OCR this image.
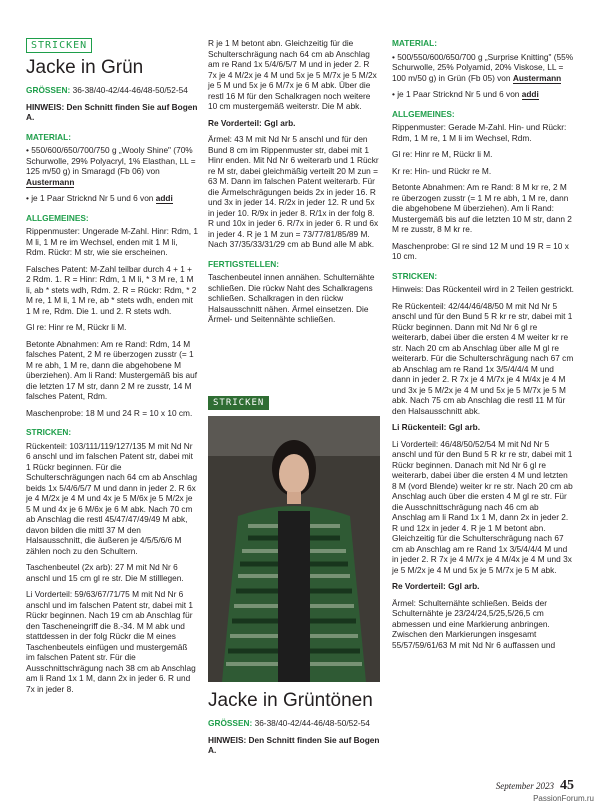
STRICKEN
Jacke in Grün

GRÖSSEN: 36-38/40-42/44-46/48-50/52-54

HINWEIS: Den Schnitt finden Sie auf Bogen A.

MATERIAL:

• 550/600/650/700/750 g „Wooly Shine" (70% Schurwolle, 29% Polyacryl, 1% Elasthan, LL = 125 m/50 g) in Smaragd (Fb 06) von Austermann

• je 1 Paar Stricknd Nr 5 und 6 von addi

ALLGEMEINES:

Rippenmuster: Ungerade M-Zahl. Hinr: Rdm, 1 M li, 1 M re im Wechsel, enden mit 1 M li, Rdm. Rückr: M str, wie sie erscheinen.

Falsches Patent: M-Zahl teilbar durch 4 + 1 + 2 Rdm. 1. R = Hinr: Rdm, 1 M li, * 3 M re, 1 M li, ab * stets wdh, Rdm. 2. R = Rückr: Rdm, * 2 M re, 1 M li, 1 M re, ab * stets wdh, enden mit 1 M re, Rdm. Die 1. und 2. R stets wdh.

Gl re: Hinr re M, Rückr li M.

Betonte Abnahmen: Am re Rand: Rdm, 14 M falsches Patent, 2 M re überzogen zusstr (= 1 M re abh, 1 M re, dann die abgehobene M überziehen). Am li Rand: Mustergemäß bis auf die letzten 17 M str, dann 2 M re zusstr, 14 M falsches Patent, Rdm.

Maschenprobe: 18 M und 24 R = 10 x 10 cm.

STRICKEN:

Rückenteil: 103/111/119/127/135 M mit Nd Nr 6 anschl und im falschen Patent str, dabei mit 1 Rückr beginnen. Für die Schulterschrägungen nach 64 cm ab Anschlag beids 1x 5/4/6/5/7 M und dann in jeder 2. R 6x je 4 M/2x je 4 M und 4x je 5 M/6x je 5 M/2x je 5 M und 4x je 6 M/6x je 6 M abk. Nach 70 cm ab Anschlag die restl 45/47/47/49/49 M abk, davon bilden die mittl 37 M den Halsausschnitt, die äußeren je 4/5/5/6/6 M zählen noch zu den Schultern.

Taschenbeutel (2x arb): 27 M mit Nd Nr 6 anschl und 15 cm gl re str. Die M stilllegen.

Li Vorderteil: 59/63/67/71/75 M mit Nd Nr 6 anschl und im falschen Patent str, dabei mit 1 Rückr beginnen. Nach 19 cm ab Anschlag für den Tascheneingriff die 8.-34. M M abk und stattdessen in der folg Rückr die M eines Taschenbeutels einfügen und mustergemäß im falschen Patent str. Für die Ausschnittschrägung nach 38 cm ab Anschlag am li Rand 1x 1 M, dann 2x in jeder 6. R und 7x in jeder 8.

R je 1 M betont abn. Gleichzeitig für die Schulterschrägung nach 64 cm ab Anschlag am re Rand 1x 5/4/6/5/7 M und in jeder 2. R 7x je 4 M/2x je 4 M und 5x je 5 M/7x je 5 M/2x je 5 M und 5x je 6 M/7x je 6 M abk. Über die restl 16 M für den Schalkragen noch weitere 10 cm mustergemäß weiterstr. Die M abk.

Re Vorderteil: Ggl arb.

Ärmel: 43 M mit Nd Nr 5 anschl und für den Bund 8 cm im Rippenmuster str, dabei mit 1 Hinr enden. Mit Nd Nr 6 weiterarb und 1 Rückr re M str, dabei gleichmäßig verteilt 20 M zun = 63 M. Dann im falschen Patent weiterarb. Für die Ärmelschrägungen beids 2x in jeder 16. R und 3x in jeder 14. R/2x in jeder 12. R und 5x in jeder 10. R/9x in jeder 8. R/1x in der folg 8. R und 10x in jeder 6. R/7x in jeder 6. R und 6x in jeder 4. R je 1 M zun = 73/77/81/85/89 M. Nach 37/35/33/31/29 cm ab Bund alle M abk.

FERTIGSTELLEN:

Taschenbeutel innen annähen. Schulternähte schließen. Die rückw Naht des Schalkragens schließen. Schalkragen in den rückw Halsausschnitt nähen. Ärmel einsetzen. Die Ärmel- und Seitennähte schließen.

STRICKEN
Jacke in Grüntönen

GRÖSSEN: 36-38/40-42/44-46/48-50/52-54

HINWEIS: Den Schnitt finden Sie auf Bogen A.

MATERIAL:

• 500/550/600/650/700 g „Surprise Knitting" (55% Schurwolle, 25% Polyamid, 20% Viskose, LL = 100 m/50 g) in Grün (Fb 05) von Austermann

• je 1 Paar Stricknd Nr 5 und 6 von addi

ALLGEMEINES:

Rippenmuster: Gerade M-Zahl. Hin- und Rückr: Rdm, 1 M re, 1 M li im Wechsel, Rdm.

Gl re: Hinr re M, Rückr li M.

Kr re: Hin- und Rückr re M.

Betonte Abnahmen: Am re Rand: 8 M kr re, 2 M re überzogen zusstr (= 1 M re abh, 1 M re, dann die abgehobene M überziehen). Am li Rand: Mustergemäß bis auf die letzten 10 M str, dann 2 M re zusstr, 8 M kr re.

Maschenprobe: Gl re sind 12 M und 19 R = 10 x 10 cm.

STRICKEN:

Hinweis: Das Rückenteil wird in 2 Teilen gestrickt.

Re Rückenteil: 42/44/46/48/50 M mit Nd Nr 5 anschl und für den Bund 5 R kr re str, dabei mit 1 Rückr beginnen. Dann mit Nd Nr 6 gl re weiterarb, dabei über die ersten 4 M weiter kr re str. Nach 20 cm ab Anschlag über alle M gl re weiterarb. Für die Schulterschrägung nach 67 cm ab Anschlag am re Rand 1x 3/5/4/4/4 M und dann in jeder 2. R 7x je 4 M/7x je 4 M/4x je 4 M und 3x je 5 M/2x je 4 M und 5x je 5 M/7x je 5 M abk. Nach 75 cm ab Anschlag die restl 11 M für den Halsausschnitt abk.

Li Rückenteil: Ggl arb.

Li Vorderteil: 46/48/50/52/54 M mit Nd Nr 5 anschl und für den Bund 5 R kr re str, dabei mit 1 Rückr beginnen. Danach mit Nd Nr 6 gl re weiterarb, dabei über die ersten 4 M und letzten 8 M (vord Blende) weiter kr re str. Nach 20 cm ab Anschlag auch über die ersten 4 M gl re str. Für die Ausschnittschrägung nach 46 cm ab Anschlag am li Rand 1x 1 M, dann 2x in jeder 2. R und 12x in jeder 4. R je 1 M betont abn. Gleichzeitig für die Schulterschrägung nach 67 cm ab Anschlag am re Rand 1x 3/5/4/4/4 M und in jeder 2. R 7x je 4 M/7x je 4 M/4x je 4 M und 3x je 5 M/2x je 4 M und 5x je 5 M/7x je 5 M abk.

Re Vorderteil: Ggl arb.

Ärmel: Schulternähte schließen. Beids der Schulternähte je 23/24/24,5/25,5/26,5 cm abmessen und eine Markierung anbringen. Zwischen den Markierungen insgesamt 55/57/59/61/63 M mit Nd Nr 6 auffassen und

September 2023 45
PassionForum.ru
